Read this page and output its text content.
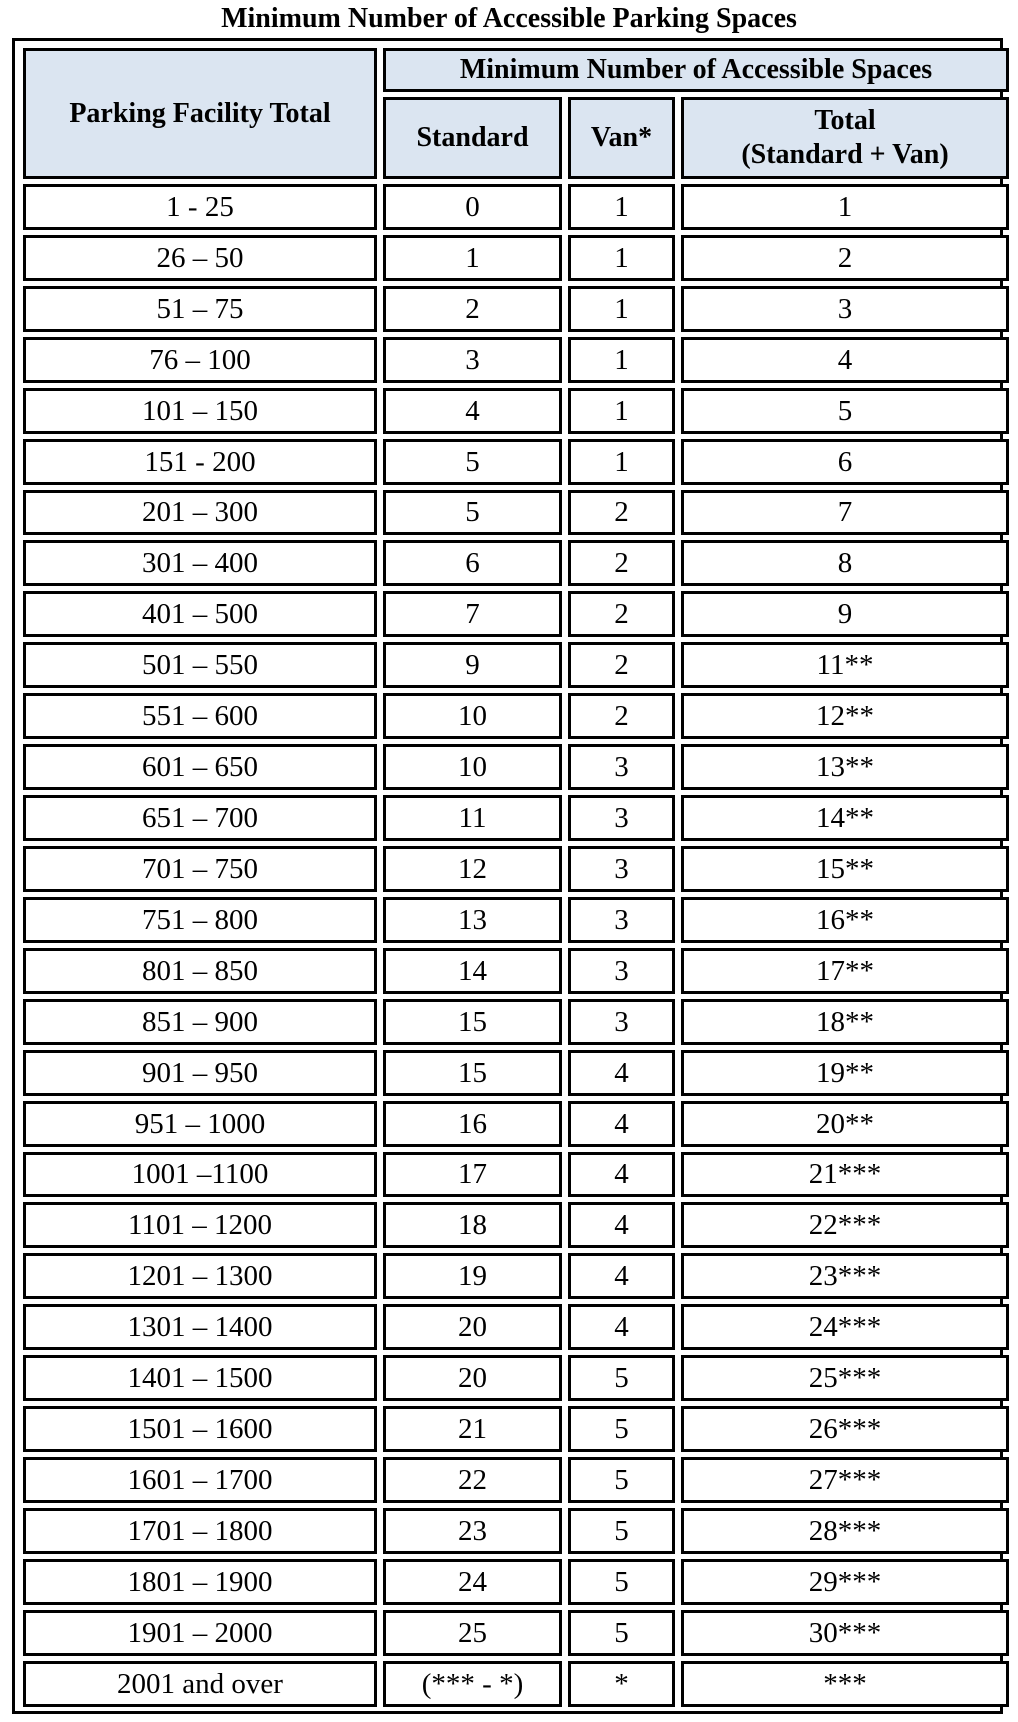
Minimum Number of Accessible Parking Spaces
Parking Facility Total	Minimum Number of Accessible Spaces		
	Standard	Van*	Total
(Standard + Van)

1 - 25	0	1	1
26 – 50	1	1	2
51 – 75	2	1	3
76 – 100	3	1	4
101 – 150	4	1	5
151 - 200	5	1	6
201 – 300	5	2	7
301 – 400	6	2	8
401 – 500	7	2	9
501 – 550	9	2	11**
551 – 600	10	2	12**
601 – 650	10	3	13**
651 – 700	11	3	14**
701 – 750	12	3	15**
751 – 800	13	3	16**
801 – 850	14	3	17**
851 – 900	15	3	18**
901 – 950	15	4	19**
951 – 1000	16	4	20**
1001 –1100	17	4	21***
1101 – 1200	18	4	22***
1201 – 1300	19	4	23***
1301 – 1400	20	4	24***
1401 – 1500	20	5	25***
1501 – 1600	21	5	26***
1601 – 1700	22	5	27***
1701 – 1800	23	5	28***
1801 – 1900	24	5	29***
1901 – 2000	25	5	30***
2001 and over	(*** - *)	*	***
